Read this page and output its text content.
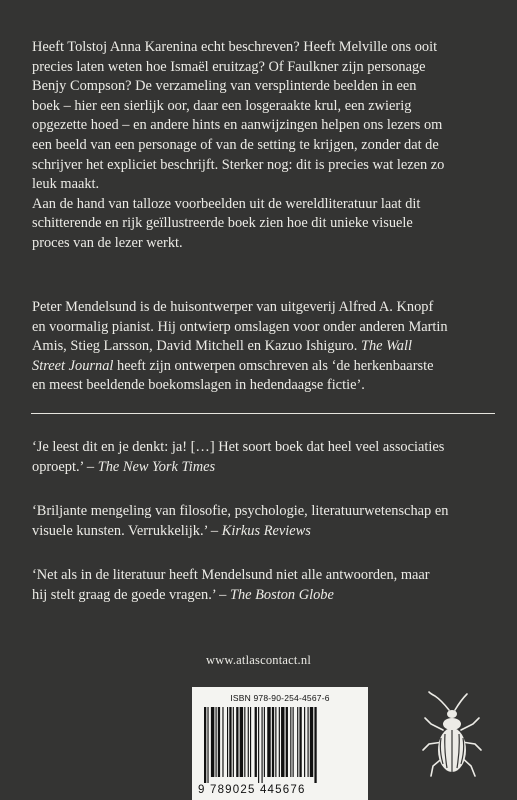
Heeft Tolstoj Anna Karenina echt beschreven? Heeft Melville ons ooit

precies laten weten hoe Ismaël eruitzag? Of Faulkner zijn personage

Benjy Compson? De verzameling van versplinterde beelden in een

boek – hier een sierlijk oor, daar een losgeraakte krul, een zwierig

opgezette hoed – en andere hints en aanwijzingen helpen ons lezers om

een beeld van een personage of van de setting te krijgen, zonder dat de

schrijver het expliciet beschrijft. Sterker nog: dit is precies wat lezen zo

leuk maakt.

Aan de hand van talloze voorbeelden uit de wereldliteratuur laat dit

schitterende en rijk geïllustreerde boek zien hoe dit unieke visuele

proces van de lezer werkt.

Peter Mendelsund is de huisontwerper van uitgeverij Alfred A. Knopf

en voormalig pianist. Hij ontwierp omslagen voor onder anderen Martin

Amis, Stieg Larsson, David Mitchell en Kazuo Ishiguro. The Wall

Street Journal heeft zijn ontwerpen omschreven als ‘de herkenbaarste

en meest beeldende boekomslagen in hedendaagse fictie’.

‘Je leest dit en je denkt: ja! […] Het soort boek dat heel veel associaties

oproept.’ – The New York Times

‘Briljante mengeling van filosofie, psychologie, literatuurwetenschap en

visuele kunsten. Verrukkelijk.’ – Kirkus Reviews

‘Net als in de literatuur heeft Mendelsund niet alle antwoorden, maar

hij stelt graag de goede vragen.’ – The Boston Globe

www.atlascontact.nl
ISBN 978-90-254-4567-6
9 789025 445676
